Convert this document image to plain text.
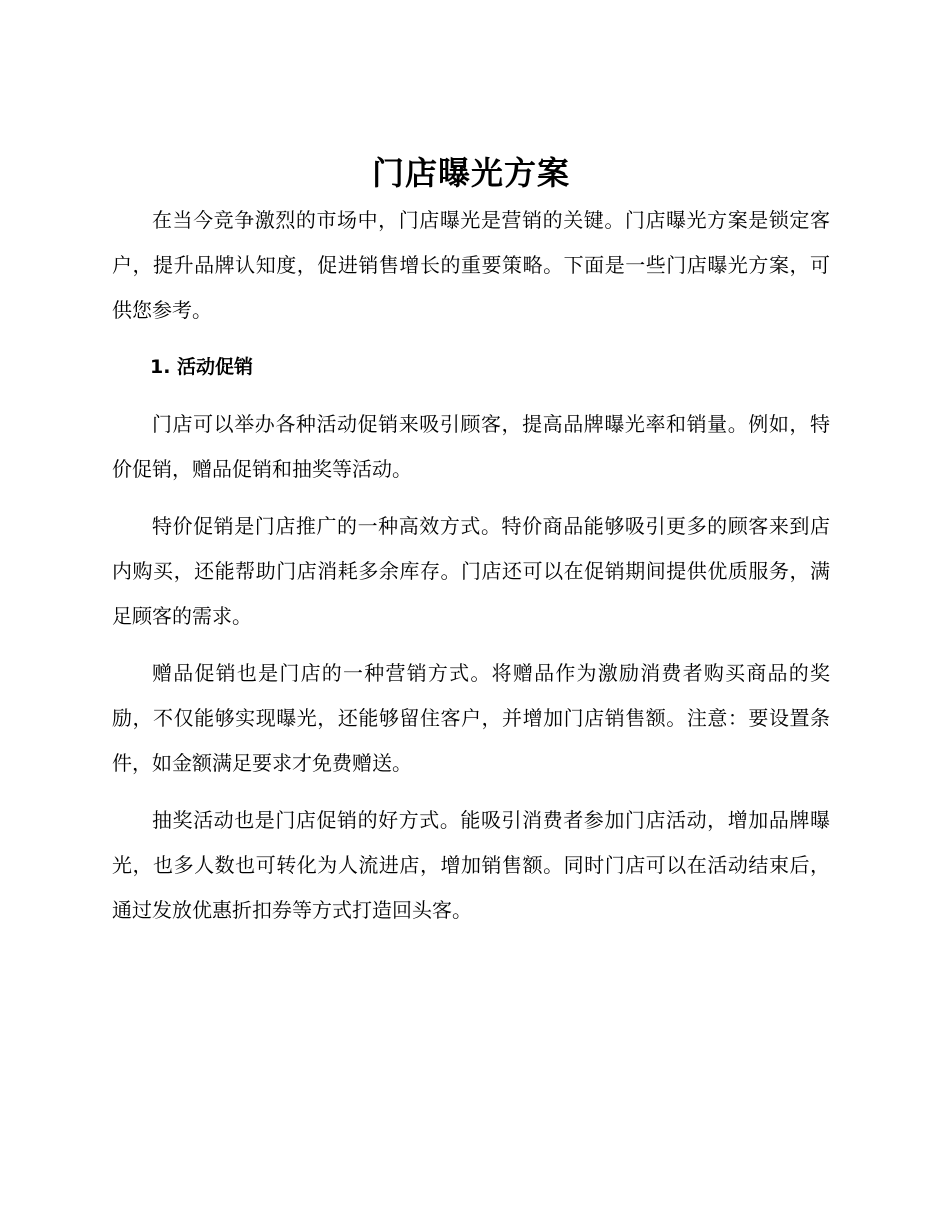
门店曝光方案

在当今竞争激烈的市场中，门店曝光是营销的关键。门店曝光方案是锁定客户，提升品牌认知度，促进销售增长的重要策略。下面是一些门店曝光方案，可供您参考。

1. 活动促销

门店可以举办各种活动促销来吸引顾客，提高品牌曝光率和销量。例如，特价促销，赠品促销和抽奖等活动。

特价促销是门店推广的一种高效方式。特价商品能够吸引更多的顾客来到店内购买，还能帮助门店消耗多余库存。门店还可以在促销期间提供优质服务，满足顾客的需求。

赠品促销也是门店的一种营销方式。将赠品作为激励消费者购买商品的奖励，不仅能够实现曝光，还能够留住客户，并增加门店销售额。注意：要设置条件，如金额满足要求才免费赠送。

抽奖活动也是门店促销的好方式。能吸引消费者参加门店活动，增加品牌曝光，也多人数也可转化为人流进店，增加销售额。同时门店可以在活动结束后，通过发放优惠折扣券等方式打造回头客。
